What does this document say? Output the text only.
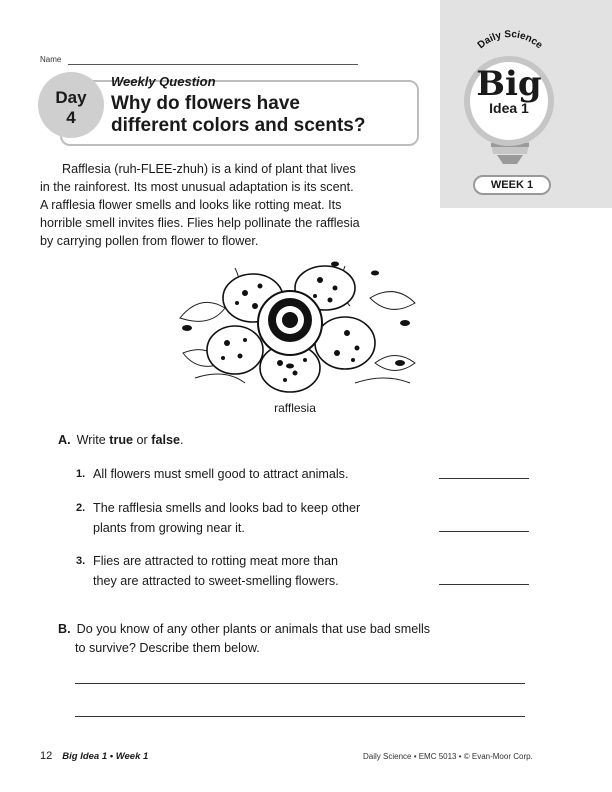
Name
Day
4
Weekly Question
Why do flowers have
different colors and scents?
Daily Science
Big
Idea 1
WEEK 1
Rafflesia (ruh-FLEE-zhuh) is a kind of plant that lives
in the rainforest. Its most unusual adaptation is its scent.
A rafflesia flower smells and looks like rotting meat. Its
horrible smell invites flies. Flies help pollinate the rafflesia
by carrying pollen from flower to flower.
rafflesia
A. Write true or false.
1. All flowers must smell good to attract animals.
2. The rafflesia smells and looks bad to keep other
plants from growing near it.
3. Flies are attracted to rotting meat more than
they are attracted to sweet-smelling flowers.
B. Do you know of any other plants or animals that use bad smells
to survive? Describe them below.
12 Big Idea 1 • Week 1	Daily Science • EMC 5013 • © Evan-Moor Corp.
